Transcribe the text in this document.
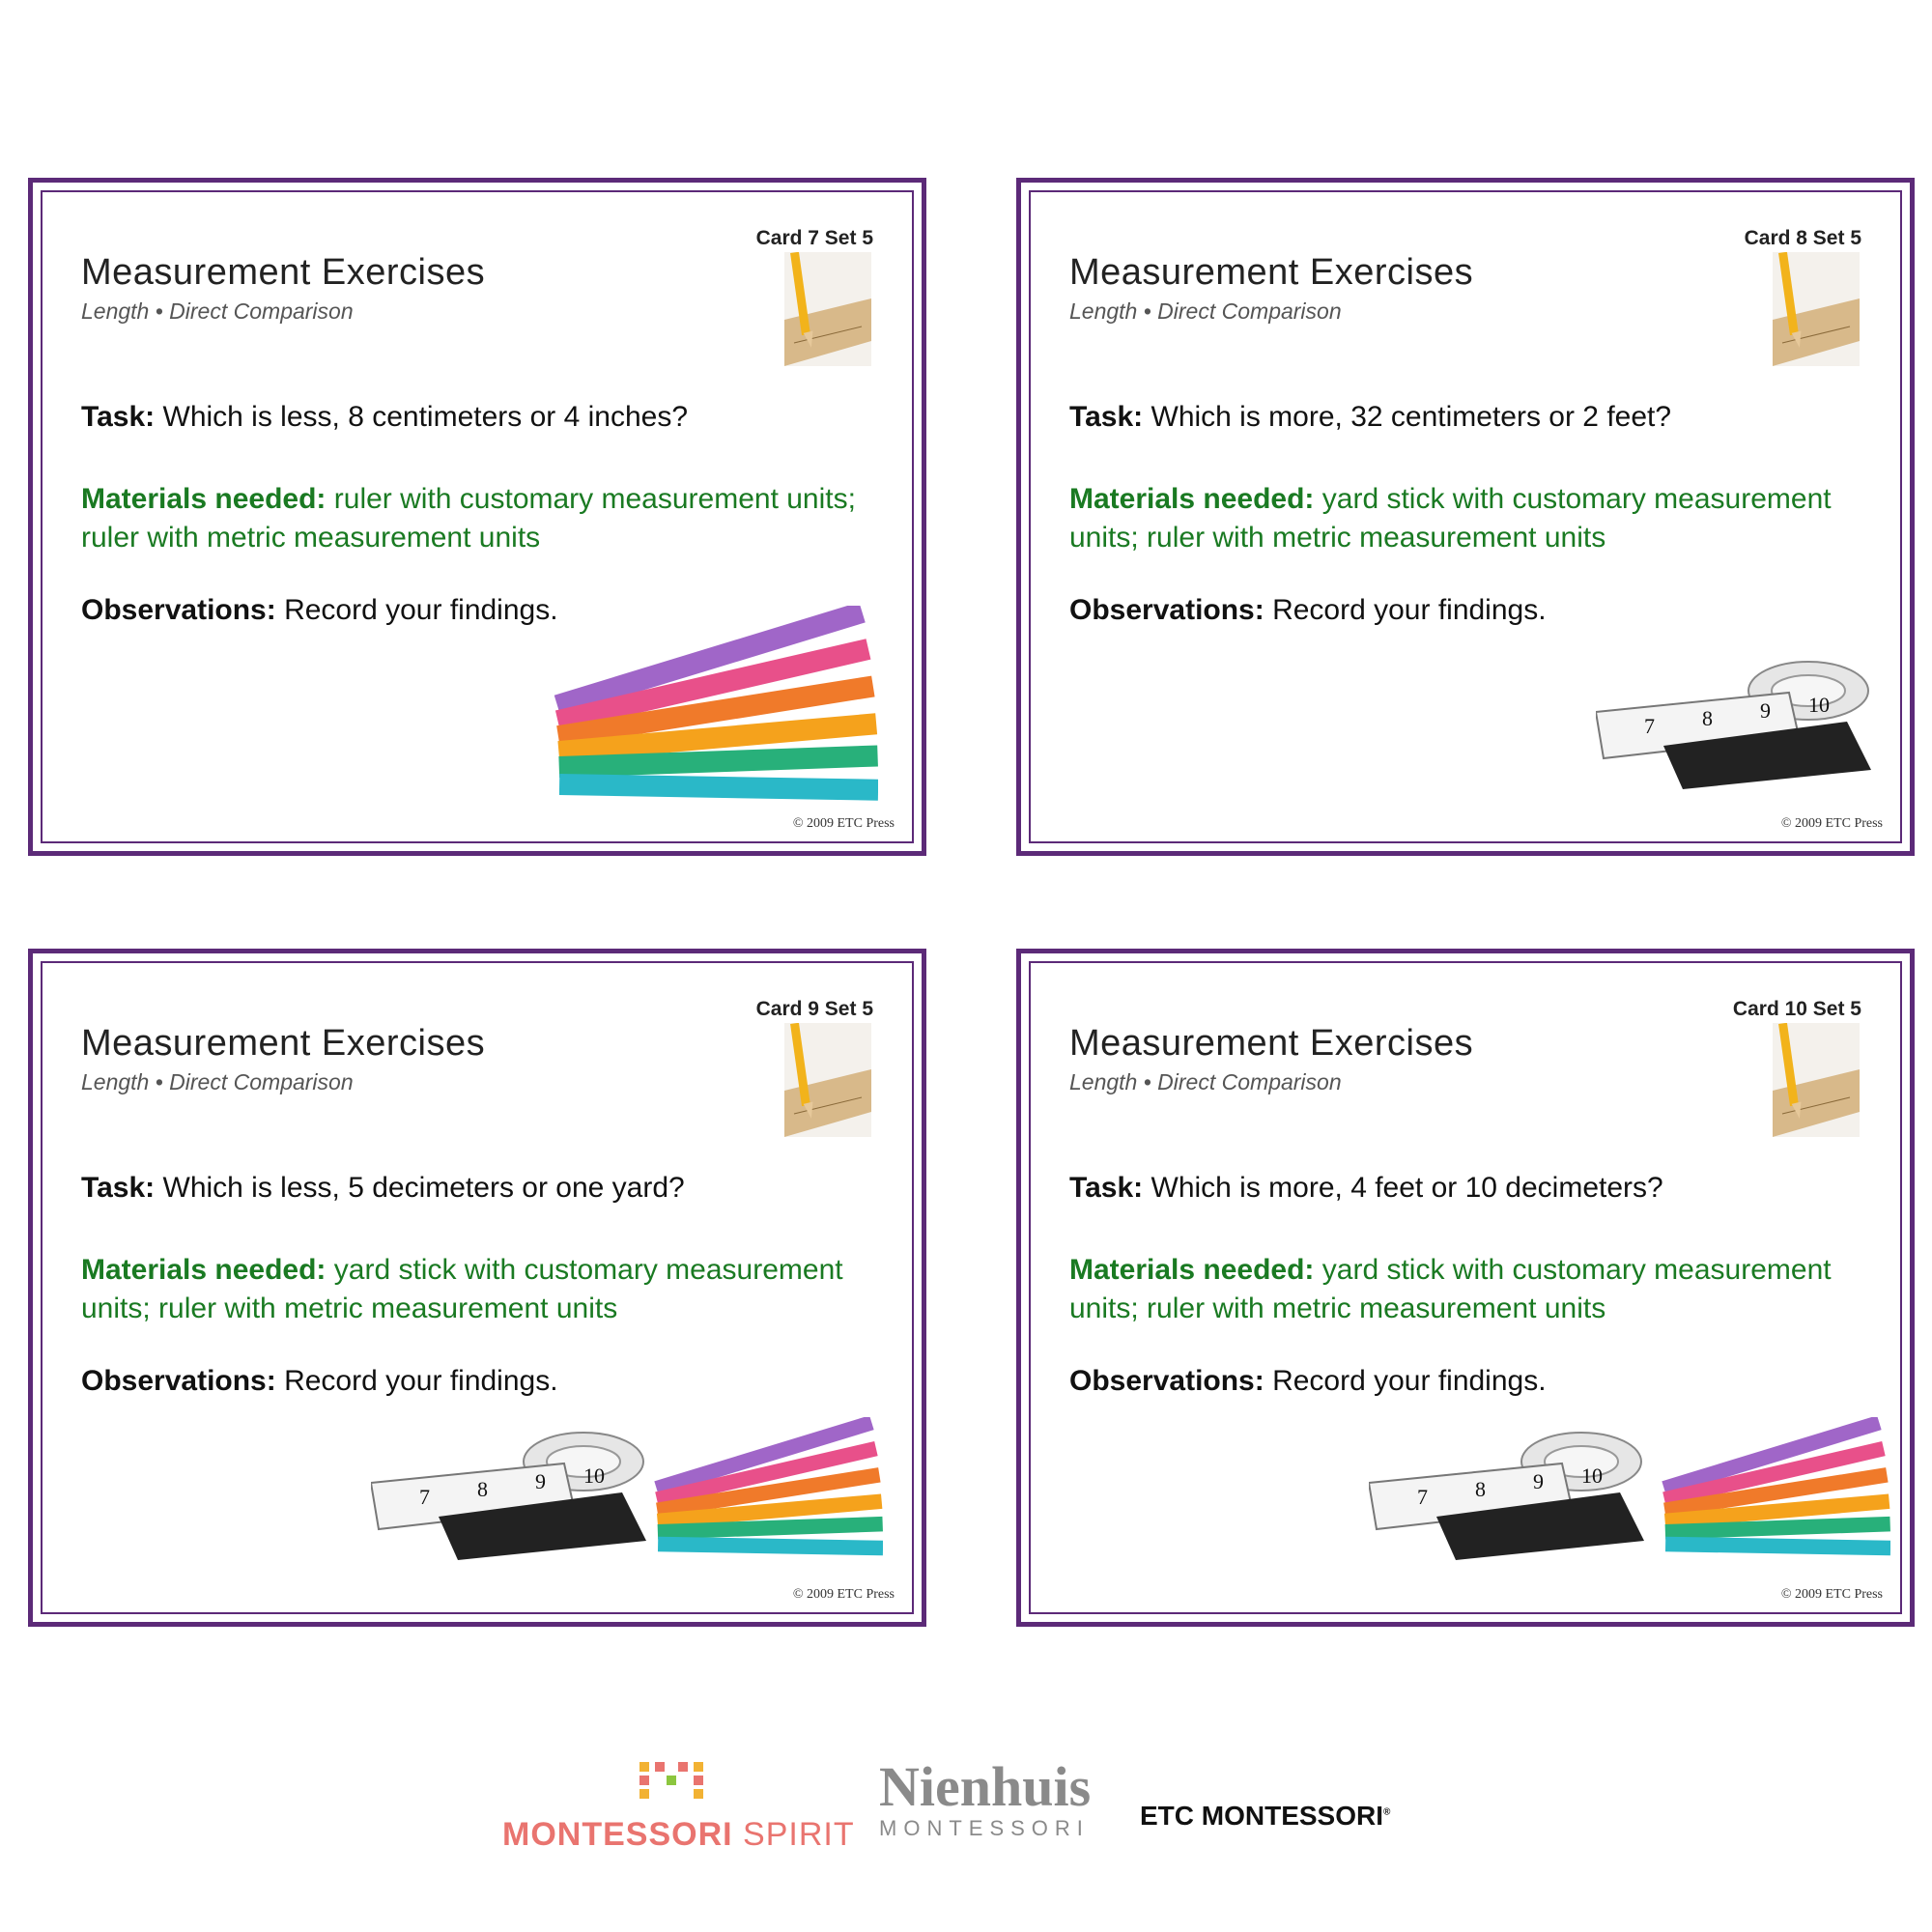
Card 7 Set 5
Measurement Exercises
Length • Direct Comparison
Task: Which is less, 8 centimeters or 4 inches?
Materials needed: ruler with customary measurement units; ruler with metric measurement units
Observations: Record your findings.
© 2009 ETC Press
Card 8 Set 5
Measurement Exercises
Length • Direct Comparison
Task: Which is more, 32 centimeters or 2 feet?
Materials needed: yard stick with customary measurement units; ruler with metric measurement units
Observations: Record your findings.
7 8 9 10
© 2009 ETC Press
Card 9 Set 5
Measurement Exercises
Length • Direct Comparison
Task: Which is less, 5 decimeters or one yard?
Materials needed: yard stick with customary measurement units; ruler with metric measurement units
Observations: Record your findings.
7 8 9 10
© 2009 ETC Press
Card 10 Set 5
Measurement Exercises
Length • Direct Comparison
Task: Which is more, 4 feet or 10 decimeters?
Materials needed: yard stick with customary measurement units; ruler with metric measurement units
Observations: Record your findings.
7 8 9 10
© 2009 ETC Press
MONTESSORI SPIRIT
Nienhuis
MONTESSORI ETC MONTESSORI®
